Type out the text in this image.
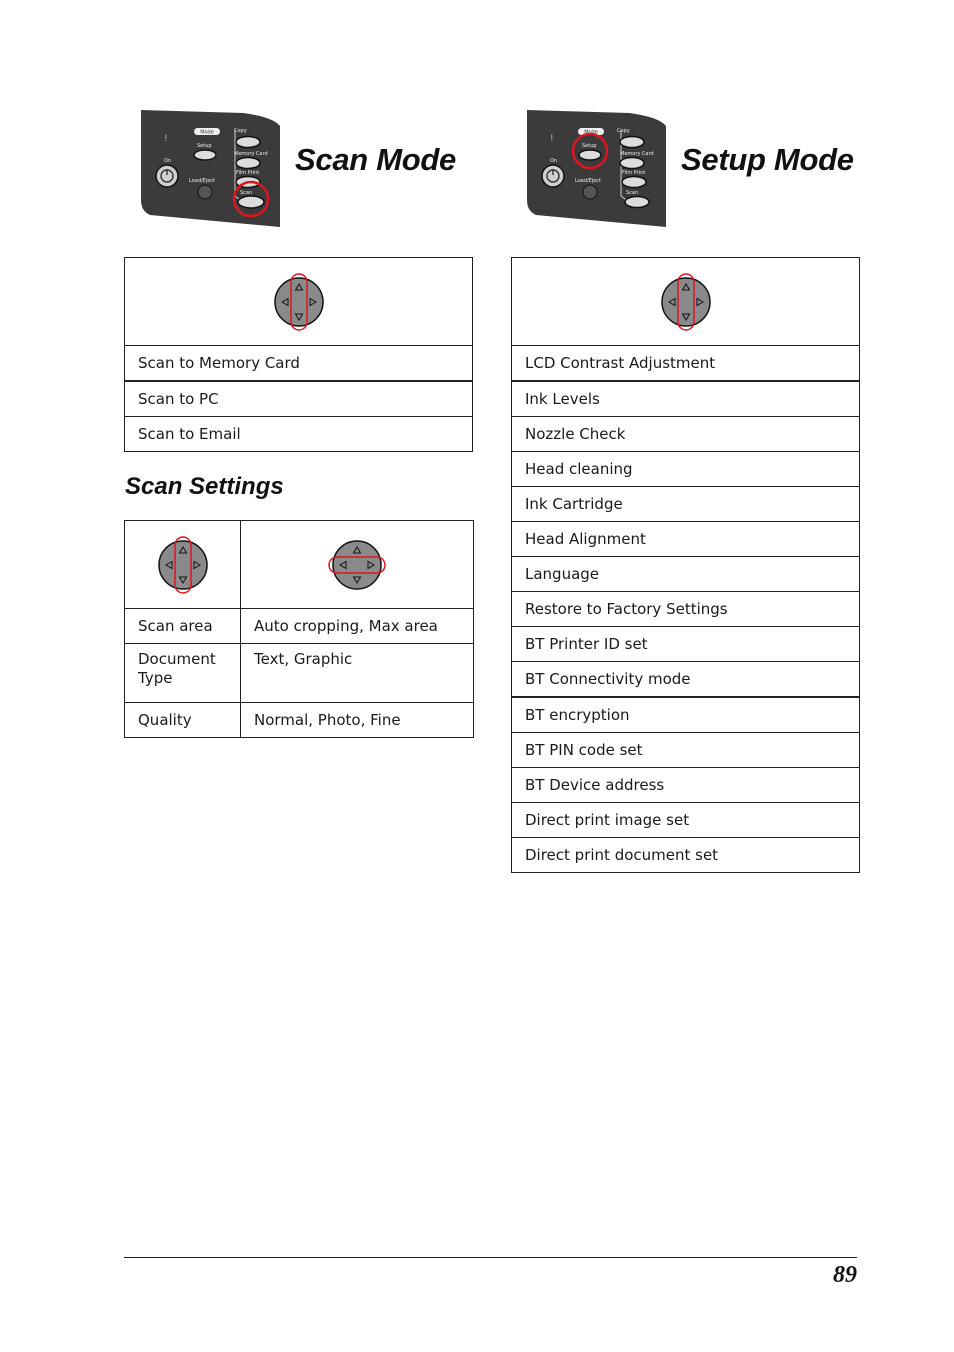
!
Mode	Copy
Setup
Memory Card
On
Film Print
Load/Eject
Scan
Scan Mode
!
Mode	Copy
Setup
Memory Card
On
Film Print
Load/Eject
Scan
Setup Mode

Scan to Memory Card
Scan to PC
Scan to Email
Scan Settings

Scan area	Auto cropping, Max area
Document Type	Text, Graphic
Quality	Normal, Photo, Fine

LCD Contrast Adjustment
Ink Levels
Nozzle Check
Head cleaning
Ink Cartridge
Head Alignment
Language
Restore to Factory Settings
BT Printer ID set
BT Connectivity mode
BT encryption
BT PIN code set
BT Device address
Direct print image set
Direct print document set
89
